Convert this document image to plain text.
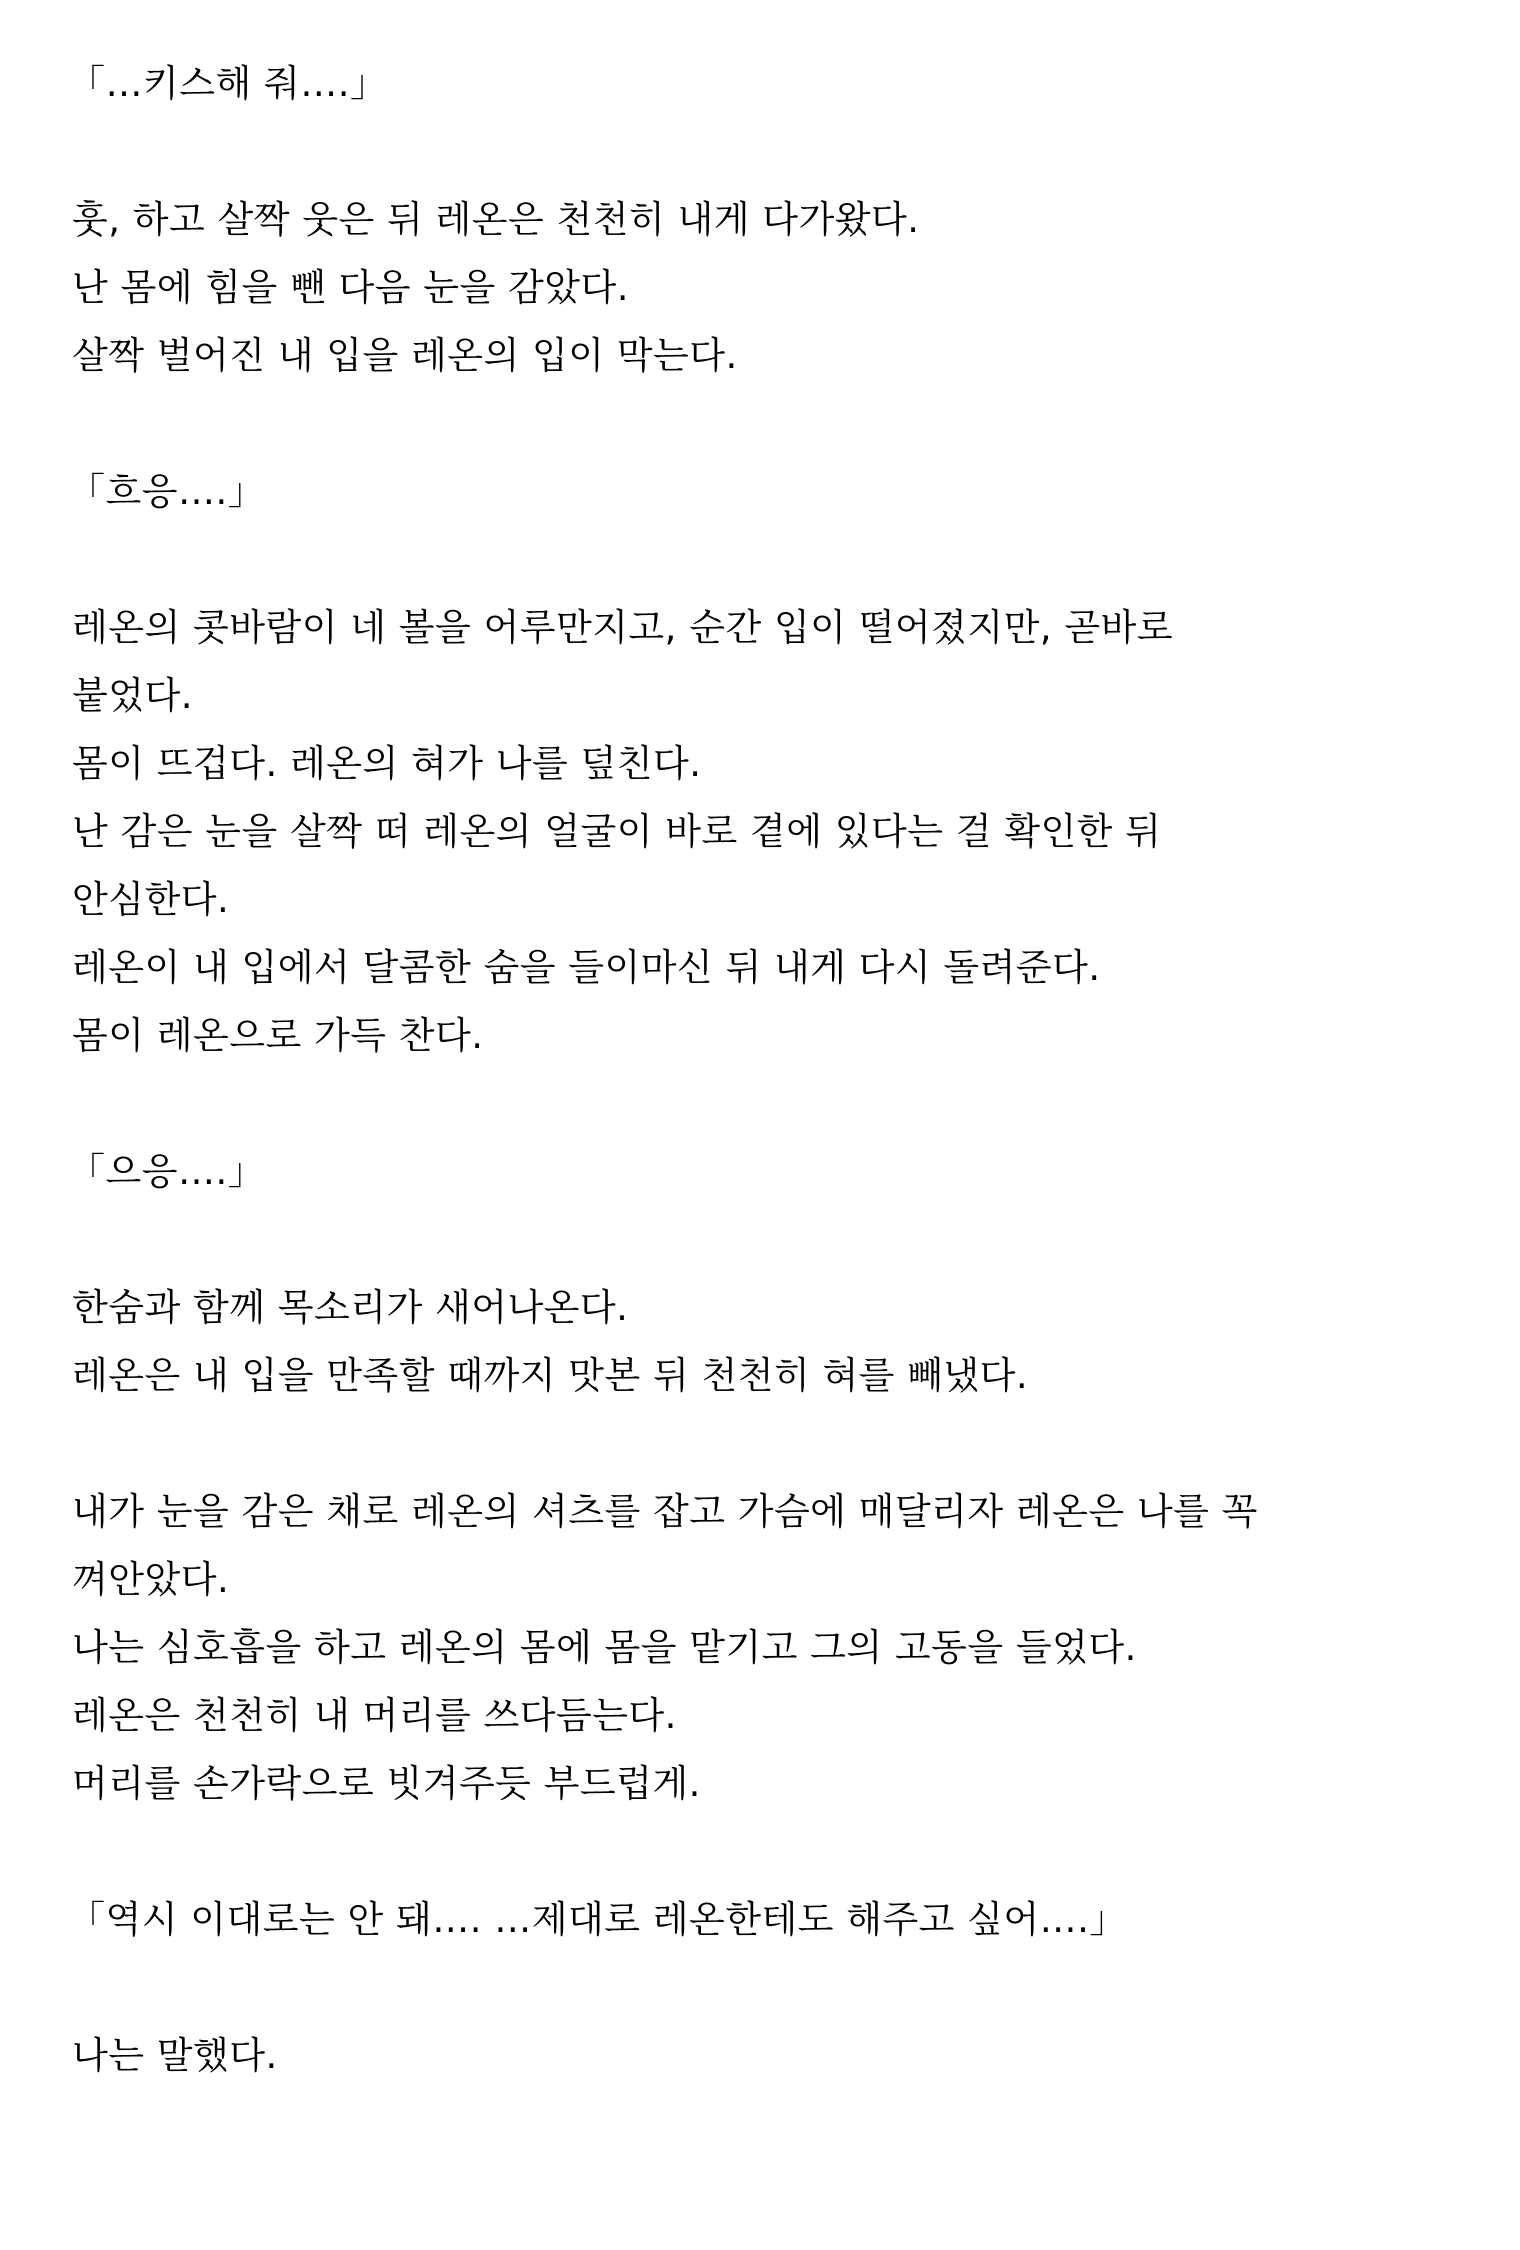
「…키스해 줘….」
훗, 하고 살짝 웃은 뒤 레온은 천천히 내게 다가왔다.
난 몸에 힘을 뺀 다음 눈을 감았다.
살짝 벌어진 내 입을 레온의 입이 막는다.
「흐응….」
레온의 콧바람이 네 볼을 어루만지고, 순간 입이 떨어졌지만, 곧바로
붙었다.
몸이 뜨겁다. 레온의 혀가 나를 덮친다.
난 감은 눈을 살짝 떠 레온의 얼굴이 바로 곁에 있다는 걸 확인한 뒤
안심한다.
레온이 내 입에서 달콤한 숨을 들이마신 뒤 내게 다시 돌려준다.
몸이 레온으로 가득 찬다.
「으응….」
한숨과 함께 목소리가 새어나온다.
레온은 내 입을 만족할 때까지 맛본 뒤 천천히 혀를 빼냈다.
내가 눈을 감은 채로 레온의 셔츠를 잡고 가슴에 매달리자 레온은 나를 꼭
껴안았다.
나는 심호흡을 하고 레온의 몸에 몸을 맡기고 그의 고동을 들었다.
레온은 천천히 내 머리를 쓰다듬는다.
머리를 손가락으로 빗겨주듯 부드럽게.
「역시 이대로는 안 돼…. …제대로 레온한테도 해주고 싶어….」
나는 말했다.
